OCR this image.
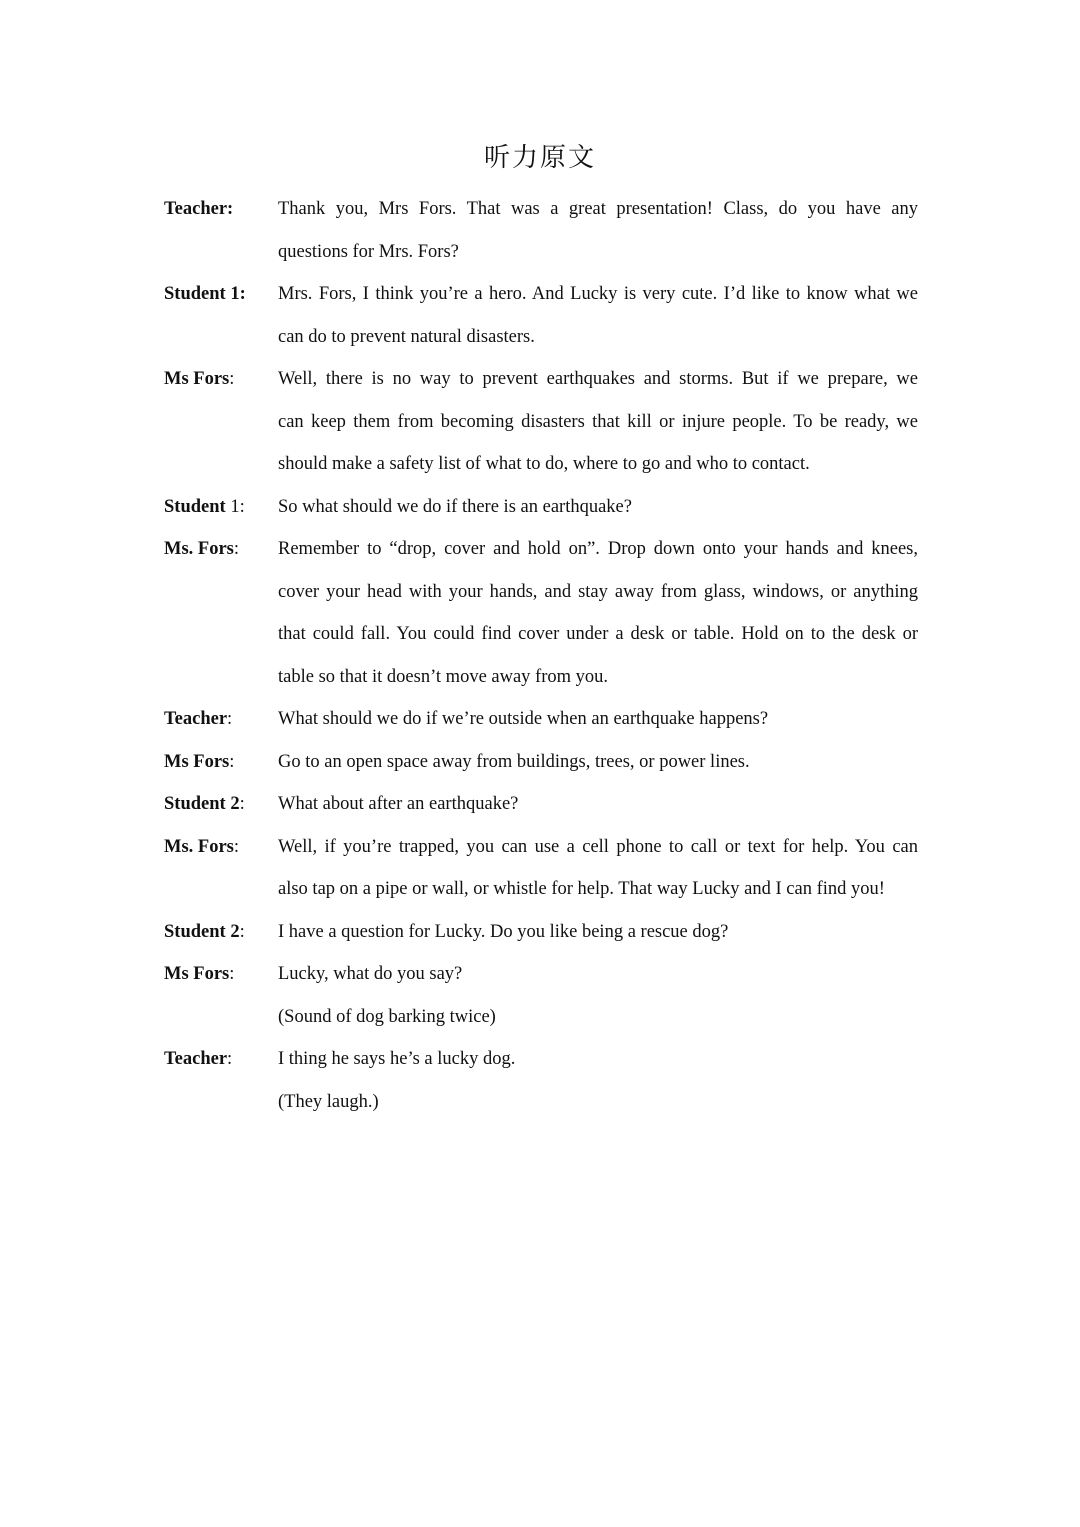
听力原文
Teacher:	Thank you, Mrs Fors. That was a great presentation! Class, do you have any
questions for Mrs. Fors?
Student 1:	Mrs. Fors, I think you’re a hero. And Lucky is very cute. I’d like to know what we
can do to prevent natural disasters.
Ms Fors:	Well, there is no way to prevent earthquakes and storms. But if we prepare, we
can keep them from becoming disasters that kill or injure people. To be ready, we
should make a safety list of what to do, where to go and who to contact.
Student 1:	So what should we do if there is an earthquake?
Ms. Fors:	Remember to “drop, cover and hold on”. Drop down onto your hands and knees,
cover your head with your hands, and stay away from glass, windows, or anything
that could fall. You could find cover under a desk or table. Hold on to the desk or
table so that it doesn’t move away from you.
Teacher:	What should we do if we’re outside when an earthquake happens?
Ms Fors:	Go to an open space away from buildings, trees, or power lines.
Student 2:	What about after an earthquake?
Ms. Fors:	Well, if you’re trapped, you can use a cell phone to call or text for help. You can
also tap on a pipe or wall, or whistle for help. That way Lucky and I can find you!
Student 2:	I have a question for Lucky. Do you like being a rescue dog?
Ms Fors:	Lucky, what do you say?
(Sound of dog barking twice)
Teacher:	I thing he says he’s a lucky dog.
(They laugh.)
